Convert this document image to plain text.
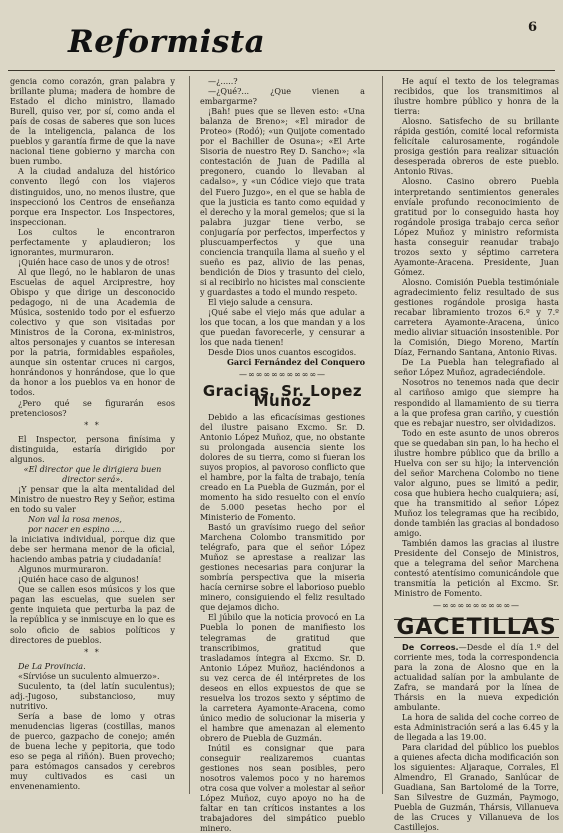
Reformista	6

gencia como corazón, gran palabra y brillante pluma; madera de hombre de Estado el dicho ministro, llamado Burell, quiso ver, por sí, como anda el país de cosas de saberes que son luces de la inteligencia, palanca de los pueblos y garantía firme de que la nave nacional tiene gobierno y marcha con buen rumbo.

A la ciudad andaluza del histórico convento llegó con los viajeros distinguidos, uno, no menos ilustre, que inspeccionó los Centros de enseñanza porque era Inspector. Los Inspectores, inspeccionan.

Los cultos le encontraron perfectamente y aplaudieron; los ignorantes, murmuraron.

¡Quién hace caso de unos y de otros!

Al que llegó, no le hablaron de unas Escuelas de aquel Arciprestre, hoy Obispo y que dirige un desconocido pedagogo, ni de una Academia de Música, sostenido todo por el esfuerzo colectivo y que son visitadas por Ministros de la Corona, ex-ministros, altos personajes y cuantos se interesan por la patria, formidables españoles, aunque sin ostentar cruces ni cargos, honrándonos y honrándose, que lo que da honor a los pueblos va en honor de todos.

¿Pero qué se figurarán esos pretenciosos?

* *

El Inspector, persona finísima y distinguida, estaría dirigido por algunos.

«El director que le dirigiera buen director será».

¡Y pensar que la alta mentalidad del Ministro de nuestro Rey y Señor, estima en todo su valer

Non val la rosa menos,

por nacer en espino .....

la iniciativa individual, porque diz que debe ser hermana menor de la oficial, haciendo ambas patria y ciudadanía!

Algunos murmuraron.

¡Quién hace caso de algunos!

Que se callen esos músicos y los que pagan las escuelas, que suelen ser gente inquieta que perturba la paz de la república y se inmiscuye en lo que es solo oficio de sabios políticos y directores de pueblos.

* *

De La Provincia.

«Sírvióse un suculento almuerzo».

Suculento, ta (del latín suculentus); adj.-Jugoso, substancioso, muy nutritivo.

Sería a base de lomo y otras menudencias ligeras (costillas, manos de puerco, gazpacho de conejo; amén de buena leche y pepitoria, que todo eso se pega al riñón). Buen provecho; para estómagos cansados y cerebros muy cultivados es casi un envenenamiento.

—¿.....?

—¿Qué?... ¿Que vienen a embargarme?

¡Bah! pues que se lleven esto: «Una balanza de Breno»; «El mirador de Proteo» (Rodó); «un Quijote comentado por el Bachiller de Osuna»; «El Arte Sisoria de nuestro Rey D. Sancho»; «la contestación de Juan de Padilla al pregonero, cuando lo llevaban al cadalso», y «un Códice viejo que trata del Fuero Juzgo», en el que se habla de que la justicia es tanto como equidad y el derecho y la moral gemelos; que si la palabra juzgar tiene verbo, se conjugaría por perfectos, imperfectos y pluscuamperfectos y que una conciencia tranquila llama al sueño y el sueño es paz, alivio de las penas, bendición de Dios y trasunto del cielo, si al recibirlo no hicistes mal consciente y guardastes a todo el mundo respeto.

El viejo salude a censura.

¡Qué sabe el viejo más que adular a los que tocan, a los que mandan y a los que puedan favorecerle, y censurar a los que nada tienen!

Desde Dios unos cuantos escogidos.

Garci Fernández del Conquero

—∞∞∞∞∞∞∞∞∞—
Gracias, Sr. Lopez Muñoz

Debido a las eficacísimas gestiones del ilustre paisano Excmo. Sr. D. Antonio López Muñoz, que, no obstante su prolongada ausencia siente los dolores de su tierra, como si fueran los suyos propios, al pavoroso conflicto que el hambre, por la falta de trabajo, tenía creado en La Puebla de Guzmán, por el momento ha sido resuelto con el envío de 5.000 pesetas hecho por el Ministerio de Fomento.

Bastó un gravísimo ruego del señor Marchena Colombo transmitido por telégrafo, para que el señor López Muñoz se aprestase a realizar las gestiones necesarias para conjurar la sombría perspectiva que la miseria hacía cernirse sobre el laborioso pueblo minero, consiguiendo el feliz resultado que dejamos dicho.

El júbilo que la noticia provocó en La Puebla lo ponen de manifiesto los telegramas de gratitud que transcribimos, gratitud que trasladamos íntegra al Excmo. Sr. D. Antonio López Muñoz, haciéndonos a su vez cerca de él intérpretes de los deseos en ellos expuestos de que se resuelva los trozos sexto y séptimo de la carretera Ayamonte-Aracena, como único medio de solucionar la miseria y el hambre que amenazan al elemento obrero de Puebla de Guzmán.

Inútil es consignar que para conseguir realizaremos cuantas gestiones nos sean posibles, pero nosotros valemos poco y no haremos otra cosa que volver a molestar al señor López Muñoz, cuyo apoyo no ha de faltar en tan críticos instantes a los trabajadores del simpático pueblo minero.

He aquí el texto de los telegramas recibidos, que los transmitimos al ilustre hombre público y honra de la tierra:

Alosno. Satisfecho de su brillante rápida gestión, comité local reformista felicítale calurosamente, rogándole prosiga gestión para realizar situación desesperada obreros de este pueblo. Antonio Rivas.

Alosno. Casino obrero Puebla interpretando sentimientos generales envíale profundo reconocimiento de gratitud por lo conseguido hasta hoy rogándole prosiga trabajo cerca señor López Muñoz y ministro reformista hasta conseguir reanudar trabajo trozos sexto y séptimo carretera Ayamonte-Aracena. Presidente, Juan Gómez.

Alosno. Comisión Puebla testimóniale agradecimiento feliz resultado de sus gestiones rogándole prosiga hasta recabar libramiento trozos 6.º y 7.º carretera Ayamonte-Aracena, único medio aliviar situación insostenible. Por la Comisión, Diego Moreno, Martín Díaz, Fernando Santana, Antonio Rivas.

De La Puebla han telegrafiado al señor López Muñoz, agradeciéndole.

Nosotros no tenemos nada que decir al cariñoso amigo que siempre ha respondido al llamamiento de su tierra a la que profesa gran cariño, y cuestión que es rebajar nuestro, ser olvidadizos.

Todo en este asunto de unos obreros que se quedaban sin pan, lo ha hecho el ilustre hombre público que da brillo a Huelva con ser su hijo; la intervención del señor Marchena Colombo no tiene valor alguno, pues se limitó a pedir, cosa que hubiera hecho cualquiera; así, que ha transmitido al señor López Muñoz los telegramas que ha recibido, donde también las gracias al bondadoso amigo.

También damos las gracias al ilustre Presidente del Consejo de Ministros, que a telegrama del señor Marchena contestó atentísimo comunicándole que transmitía la petición al Excmo. Sr. Ministro de Fomento.

—∞∞∞∞∞∞∞∞∞—
GACETILLAS

De Correos.—Desde el día 1.º del corriente mes, toda la correspondencia para la zona de Alosno que en la actualidad salían por la ambulante de Zafra, se mandará por la línea de Thársis en la nueva expedición ambulante.

La hora de salida del coche correo de esta Administración será a las 6.45 y la de llegada a las 19.00.

Para claridad del público los pueblos a quienes afecta dicha modificación son los siguientes: Aljaraque, Corrales, El Almendro, El Granado, Sanlúcar de Guadiana, San Bartolomé de la Torre, San Silvestre de Guzmán, Paymogo, Puebla de Guzmán, Thársis, Villanueva de las Cruces y Villanueva de los Castillejos.
